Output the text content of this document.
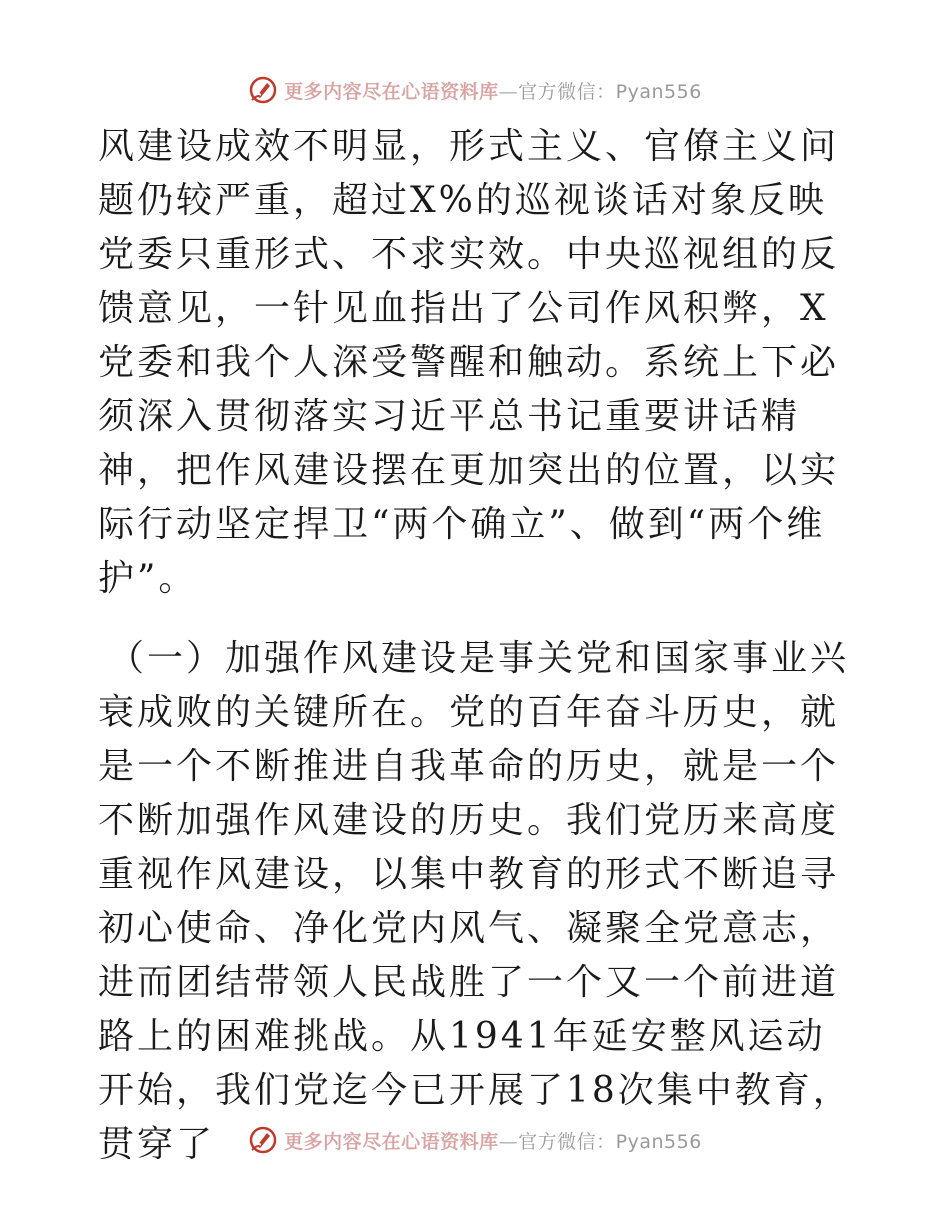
更多内容尽在心语资料库—官方微信：Pyan556

风建设成效不明显，形式主义、官僚主义问题仍较严重，超过X%的巡视谈话对象反映党委只重形式、不求实效。中央巡视组的反馈意见，一针见血指出了公司作风积弊，X党委和我个人深受警醒和触动。系统上下必须深入贯彻落实习近平总书记重要讲话精神，把作风建设摆在更加突出的位置，以实际行动坚定捍卫“两个确立”、做到“两个维护”。

（一）加强作风建设是事关党和国家事业兴衰成败的关键所在。党的百年奋斗历史，就是一个不断推进自我革命的历史，就是一个不断加强作风建设的历史。我们党历来高度重视作风建设，以集中教育的形式不断追寻初心使命、净化党内风气、凝聚全党意志，进而团结带领人民战胜了一个又一个前进道路上的困难挑战。从1941年延安整风运动开始，我们党迄今已开展了18次集中教育，贯穿了	更多内容尽在心语资料库—官方微信：Pyan556
